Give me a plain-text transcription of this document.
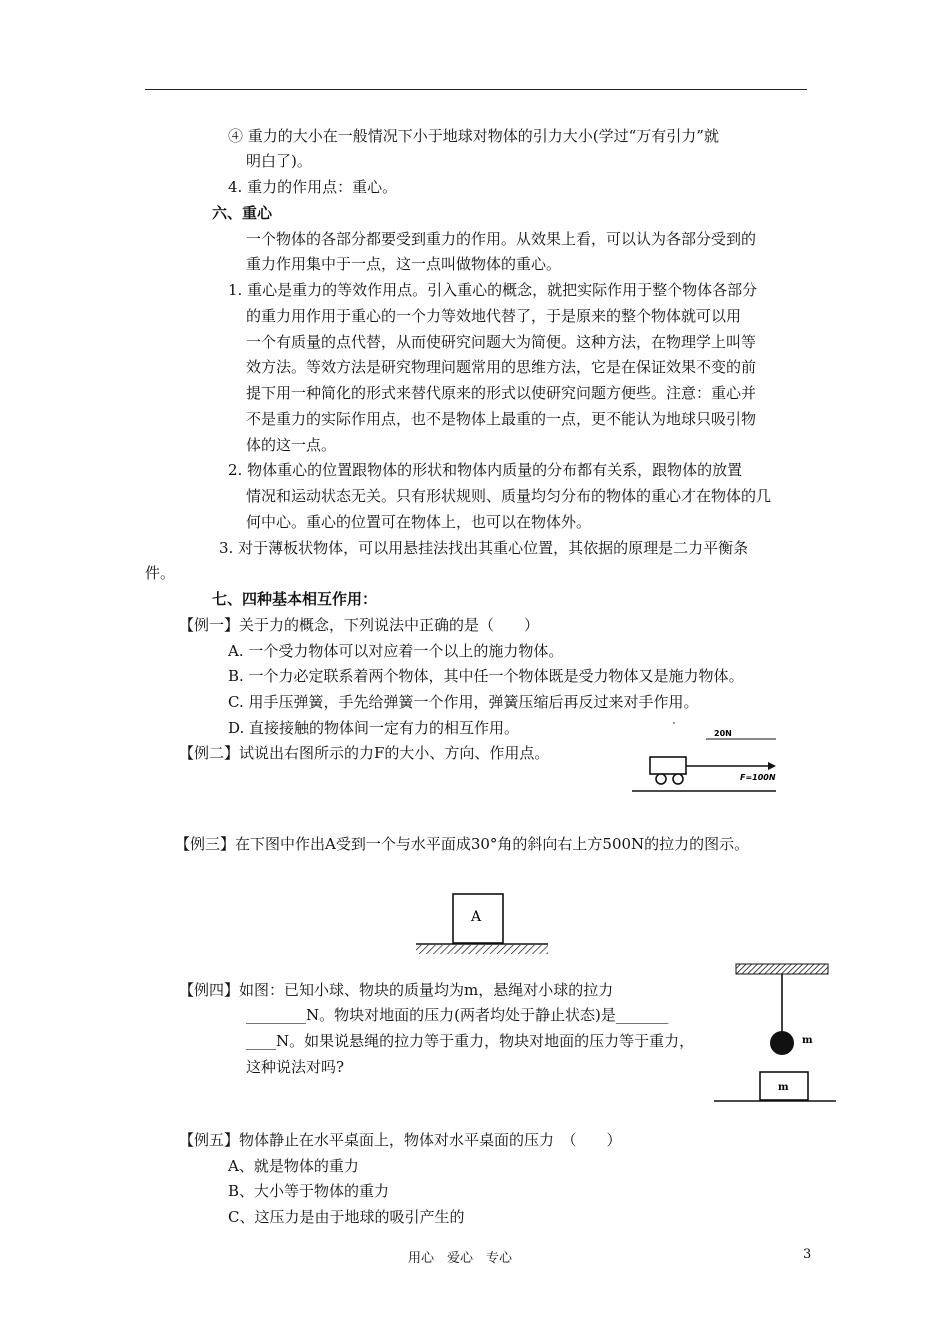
④ 重力的大小在一般情况下小于地球对物体的引力大小(学过“万有引力”就
明白了)。
4. 重力的作用点：重心。
六、重心
一个物体的各部分都要受到重力的作用。从效果上看，可以认为各部分受到的
重力作用集中于一点，这一点叫做物体的重心。
1. 重心是重力的等效作用点。引入重心的概念，就把实际作用于整个物体各部分
的重力用作用于重心的一个力等效地代替了，于是原来的整个物体就可以用
一个有质量的点代替，从而使研究问题大为简便。这种方法，在物理学上叫等
效方法。等效方法是研究物理问题常用的思维方法，它是在保证效果不变的前
提下用一种简化的形式来替代原来的形式以使研究问题方便些。注意：重心并
不是重力的实际作用点，也不是物体上最重的一点，更不能认为地球只吸引物
体的这一点。
2. 物体重心的位置跟物体的形状和物体内质量的分布都有关系，跟物体的放置
情况和运动状态无关。只有形状规则、质量均匀分布的物体的重心才在物体的几
何中心。重心的位置可在物体上，也可以在物体外。
3. 对于薄板状物体，可以用悬挂法找出其重心位置，其依据的原理是二力平衡条
件。
七、四种基本相互作用：
【例一】关于力的概念，下列说法中正确的是（　　）
A. 一个受力物体可以对应着一个以上的施力物体。
B. 一个力必定联系着两个物体，其中任一个物体既是受力物体又是施力物体。
C. 用手压弹簧，手先给弹簧一个作用，弹簧压缩后再反过来对手作用。
D. 直接接触的物体间一定有力的相互作用。
【例二】试说出右图所示的力F的大小、方向、作用点。
【例三】在下图中作出A受到一个与水平面成30°角的斜向右上方500N的拉力的图示。
【例四】如图：已知小球、物块的质量均为m，悬绳对小球的拉力
________N。物块对地面的压力(两者均处于静止状态)是_______
____N。如果说悬绳的拉力等于重力，物块对地面的压力等于重力，
这种说法对吗?
【例五】物体静止在水平桌面上，物体对水平桌面的压力　（　　）
A、就是物体的重力
B、大小等于物体的重力
C、这压力是由于地球的吸引产生的
20N
F=100N
A
m
m
用心　爱心　专心	3
